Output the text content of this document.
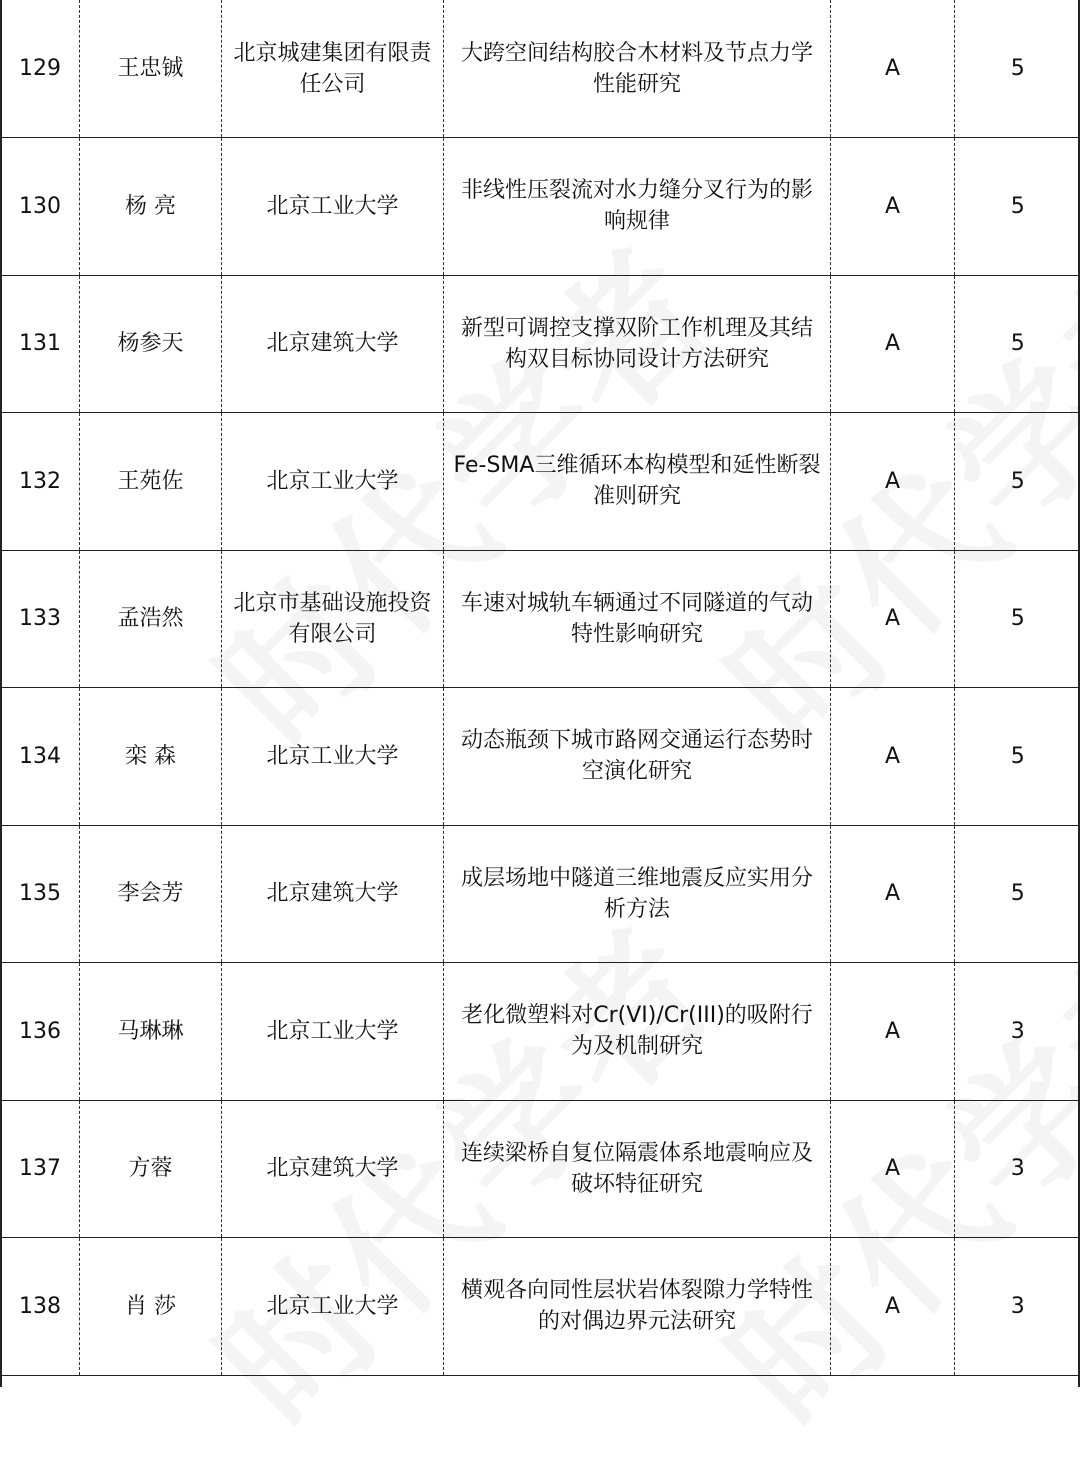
129	王忠铖	北京城建集团有限责任公司	大跨空间结构胶合木材料及节点力学性能研究	A	5
130	杨 亮	北京工业大学	非线性压裂流对水力缝分叉行为的影响规律	A	5
131	杨参天	北京建筑大学	新型可调控支撑双阶工作机理及其结构双目标协同设计方法研究	A	5
132	王苑佐	北京工业大学	Fe-SMA三维循环本构模型和延性断裂准则研究	A	5
133	孟浩然	北京市基础设施投资有限公司	车速对城轨车辆通过不同隧道的气动特性影响研究	A	5
134	栾 森	北京工业大学	动态瓶颈下城市路网交通运行态势时空演化研究	A	5
135	李会芳	北京建筑大学	成层场地中隧道三维地震反应实用分析方法	A	5
136	马琳琳	北京工业大学	老化微塑料对Cr(VI)/Cr(III)的吸附行为及机制研究	A	3
137	方蓉	北京建筑大学	连续梁桥自复位隔震体系地震响应及破坏特征研究	A	3
138	肖 莎	北京工业大学	横观各向同性层状岩体裂隙力学特性的对偶边界元法研究	A	3
